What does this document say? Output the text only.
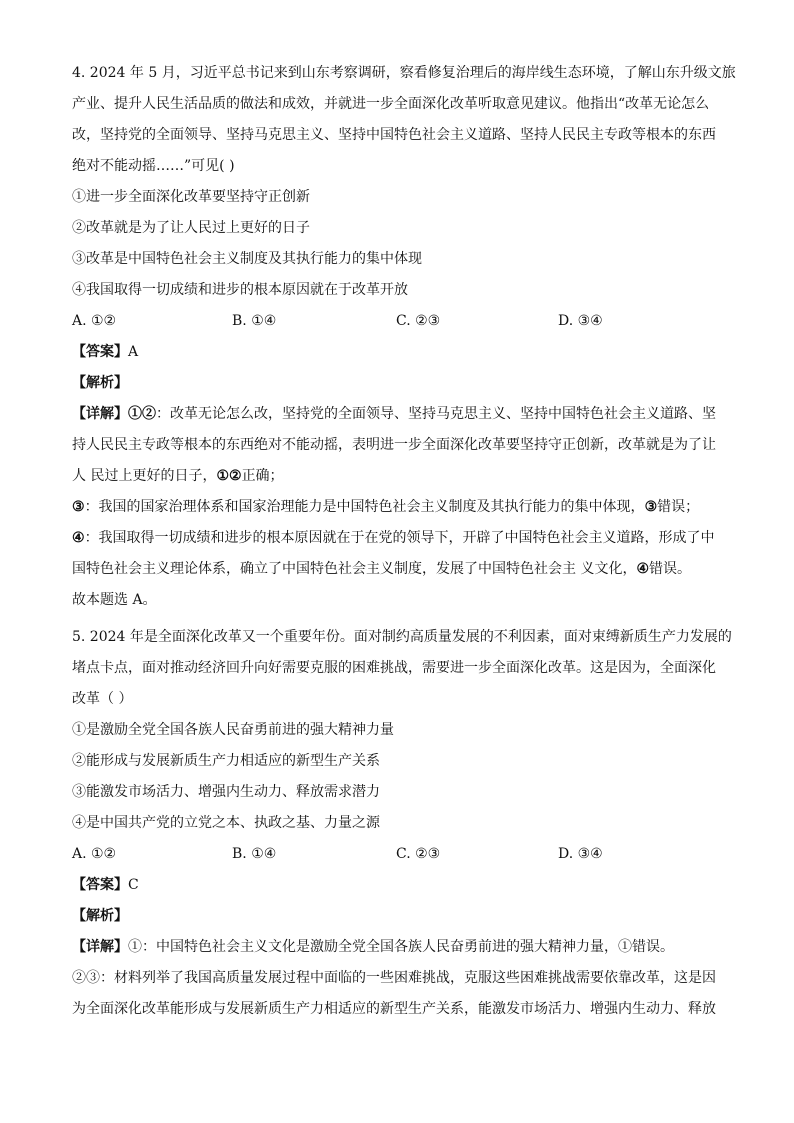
4. 2024 年 5 月，习近平总书记来到山东考察调研，察看修复治理后的海岸线生态环境，了解山东升级文旅
产业、提升人民生活品质的做法和成效，并就进一步全面深化改革听取意见建议。他指出“改革无论怎么
改，坚持党的全面领导、坚持马克思主义、坚持中国特色社会主义道路、坚持人民民主专政等根本的东西
绝对不能动摇……”可见( )
①进一步全面深化改革要坚持守正创新
②改革就是为了让人民过上更好的日子
③改革是中国特色社会主义制度及其执行能力的集中体现
④我国取得一切成绩和进步的根本原因就在于改革开放
A. ①②	B. ①④	C. ②③	D. ③④
【答案】A
【解析】
【详解】①②：改革无论怎么改，坚持党的全面领导、坚持马克思主义、坚持中国特色社会主义道路、坚
持人民民主专政等根本的东西绝对不能动摇，表明进一步全面深化改革要坚持守正创新，改革就是为了让
人 民过上更好的日子，①②正确；
③：我国的国家治理体系和国家治理能力是中国特色社会主义制度及其执行能力的集中体现，③错误；
④：我国取得一切成绩和进步的根本原因就在于在党的领导下，开辟了中国特色社会主义道路，形成了中
国特色社会主义理论体系，确立了中国特色社会主义制度，发展了中国特色社会主 义文化，④错误。
故本题选 A。
5. 2024 年是全面深化改革又一个重要年份。面对制约高质量发展的不利因素，面对束缚新质生产力发展的
堵点卡点，面对推动经济回升向好需要克服的困难挑战，需要进一步全面深化改革。这是因为，全面深化
改革（ ）
①是激励全党全国各族人民奋勇前进的强大精神力量
②能形成与发展新质生产力相适应的新型生产关系
③能激发市场活力、增强内生动力、释放需求潜力
④是中国共产党的立党之本、执政之基、力量之源
A. ①②	B. ①④	C. ②③	D. ③④
【答案】C
【解析】
【详解】①：中国特色社会主义文化是激励全党全国各族人民奋勇前进的强大精神力量，①错误。
②③：材料列举了我国高质量发展过程中面临的一些困难挑战，克服这些困难挑战需要依靠改革，这是因
为全面深化改革能形成与发展新质生产力相适应的新型生产关系，能激发市场活力、增强内生动力、释放
